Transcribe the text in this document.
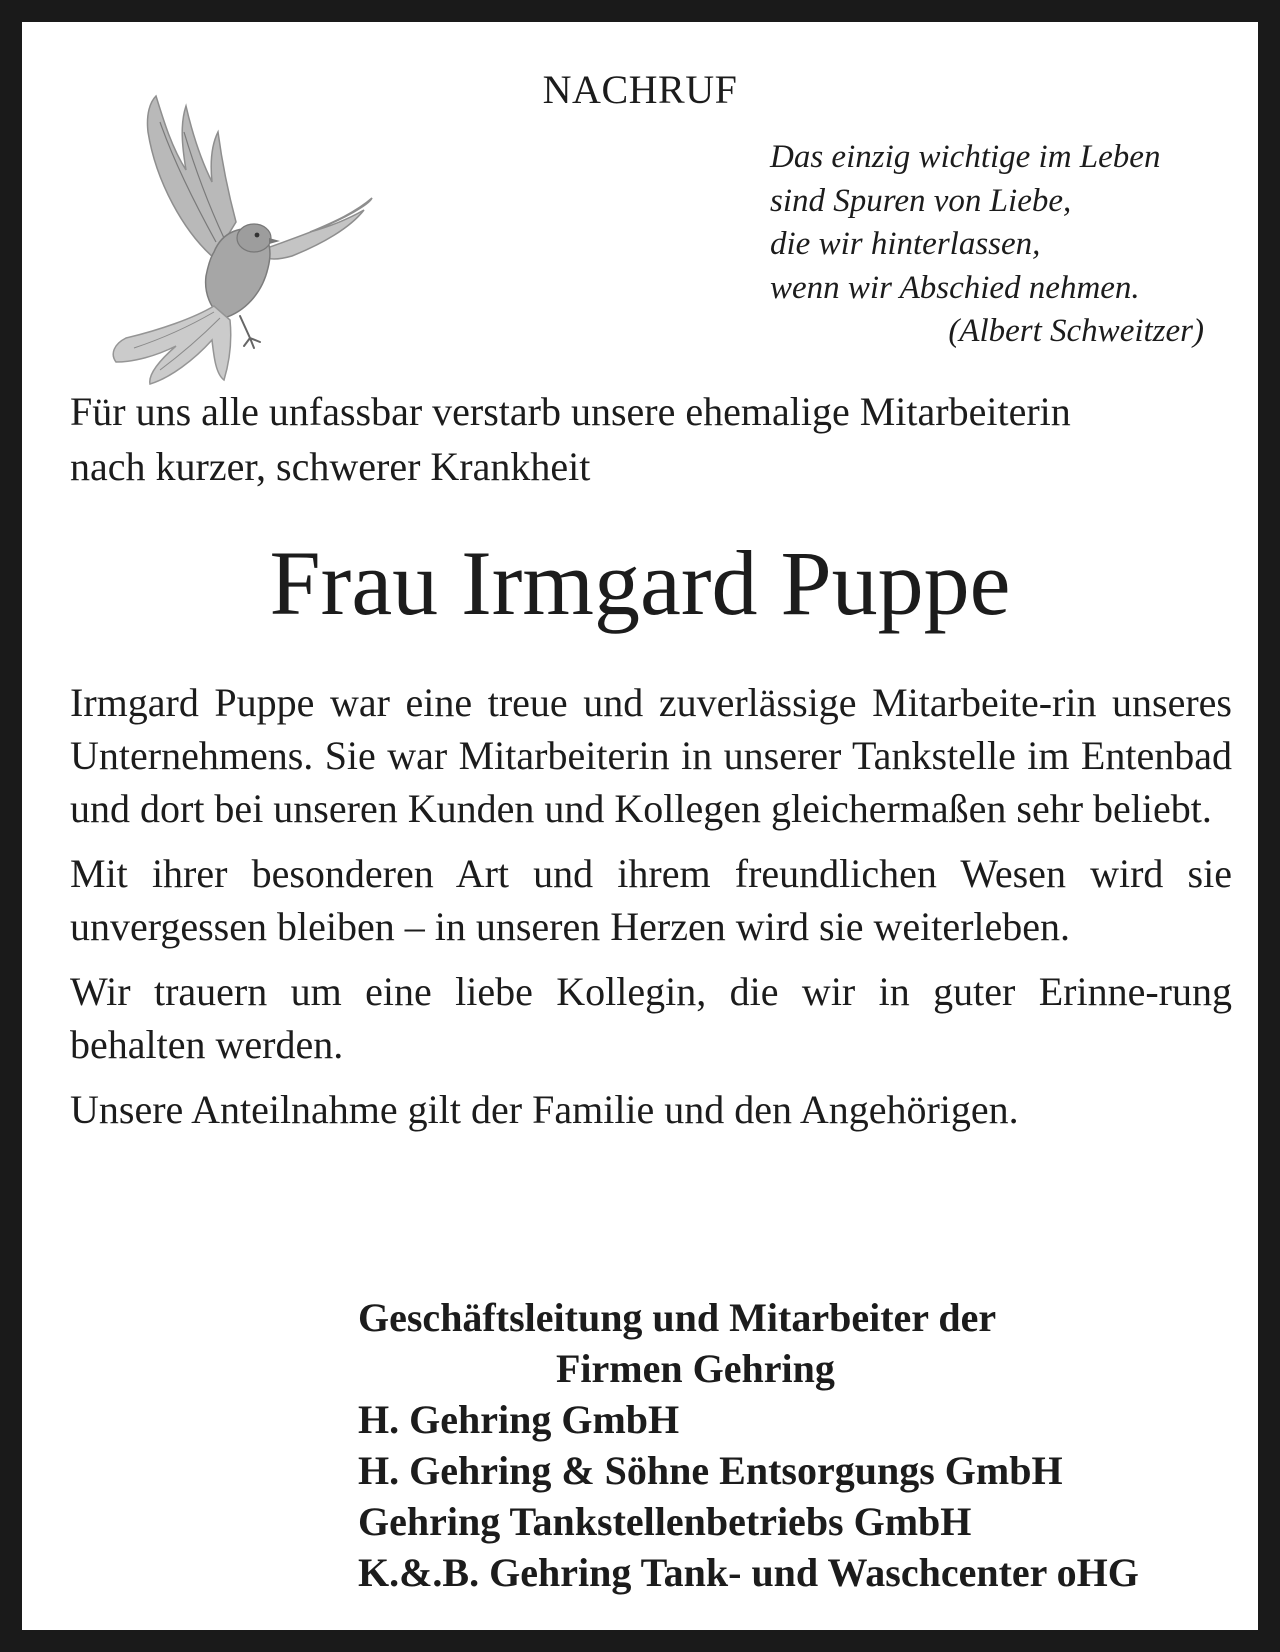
NACHRUF
Das einzig wichtige im Leben
sind Spuren von Liebe,
die wir hinterlassen,
wenn wir Abschied nehmen.
(Albert Schweitzer)
Für uns alle unfassbar verstarb unsere ehemalige Mitarbeiterin
nach kurzer, schwerer Krankheit
Frau Irmgard Puppe

Irmgard Puppe war eine treue und zuverlässige Mitarbeite-rin unseres Unternehmens. Sie war Mitarbeiterin in unserer Tankstelle im Entenbad und dort bei unseren Kunden und Kollegen gleichermaßen sehr beliebt.

Mit ihrer besonderen Art und ihrem freundlichen Wesen wird sie unvergessen bleiben – in unseren Herzen wird sie weiterleben.

Wir trauern um eine liebe Kollegin, die wir in guter Erinne-rung behalten werden.

Unsere Anteilnahme gilt der Familie und den Angehörigen.

Geschäftsleitung und Mitarbeiter der
Firmen Gehring
H. Gehring GmbH
H. Gehring & Söhne Entsorgungs GmbH
Gehring Tankstellenbetriebs GmbH
K.&.B. Gehring Tank- und Waschcenter oHG
